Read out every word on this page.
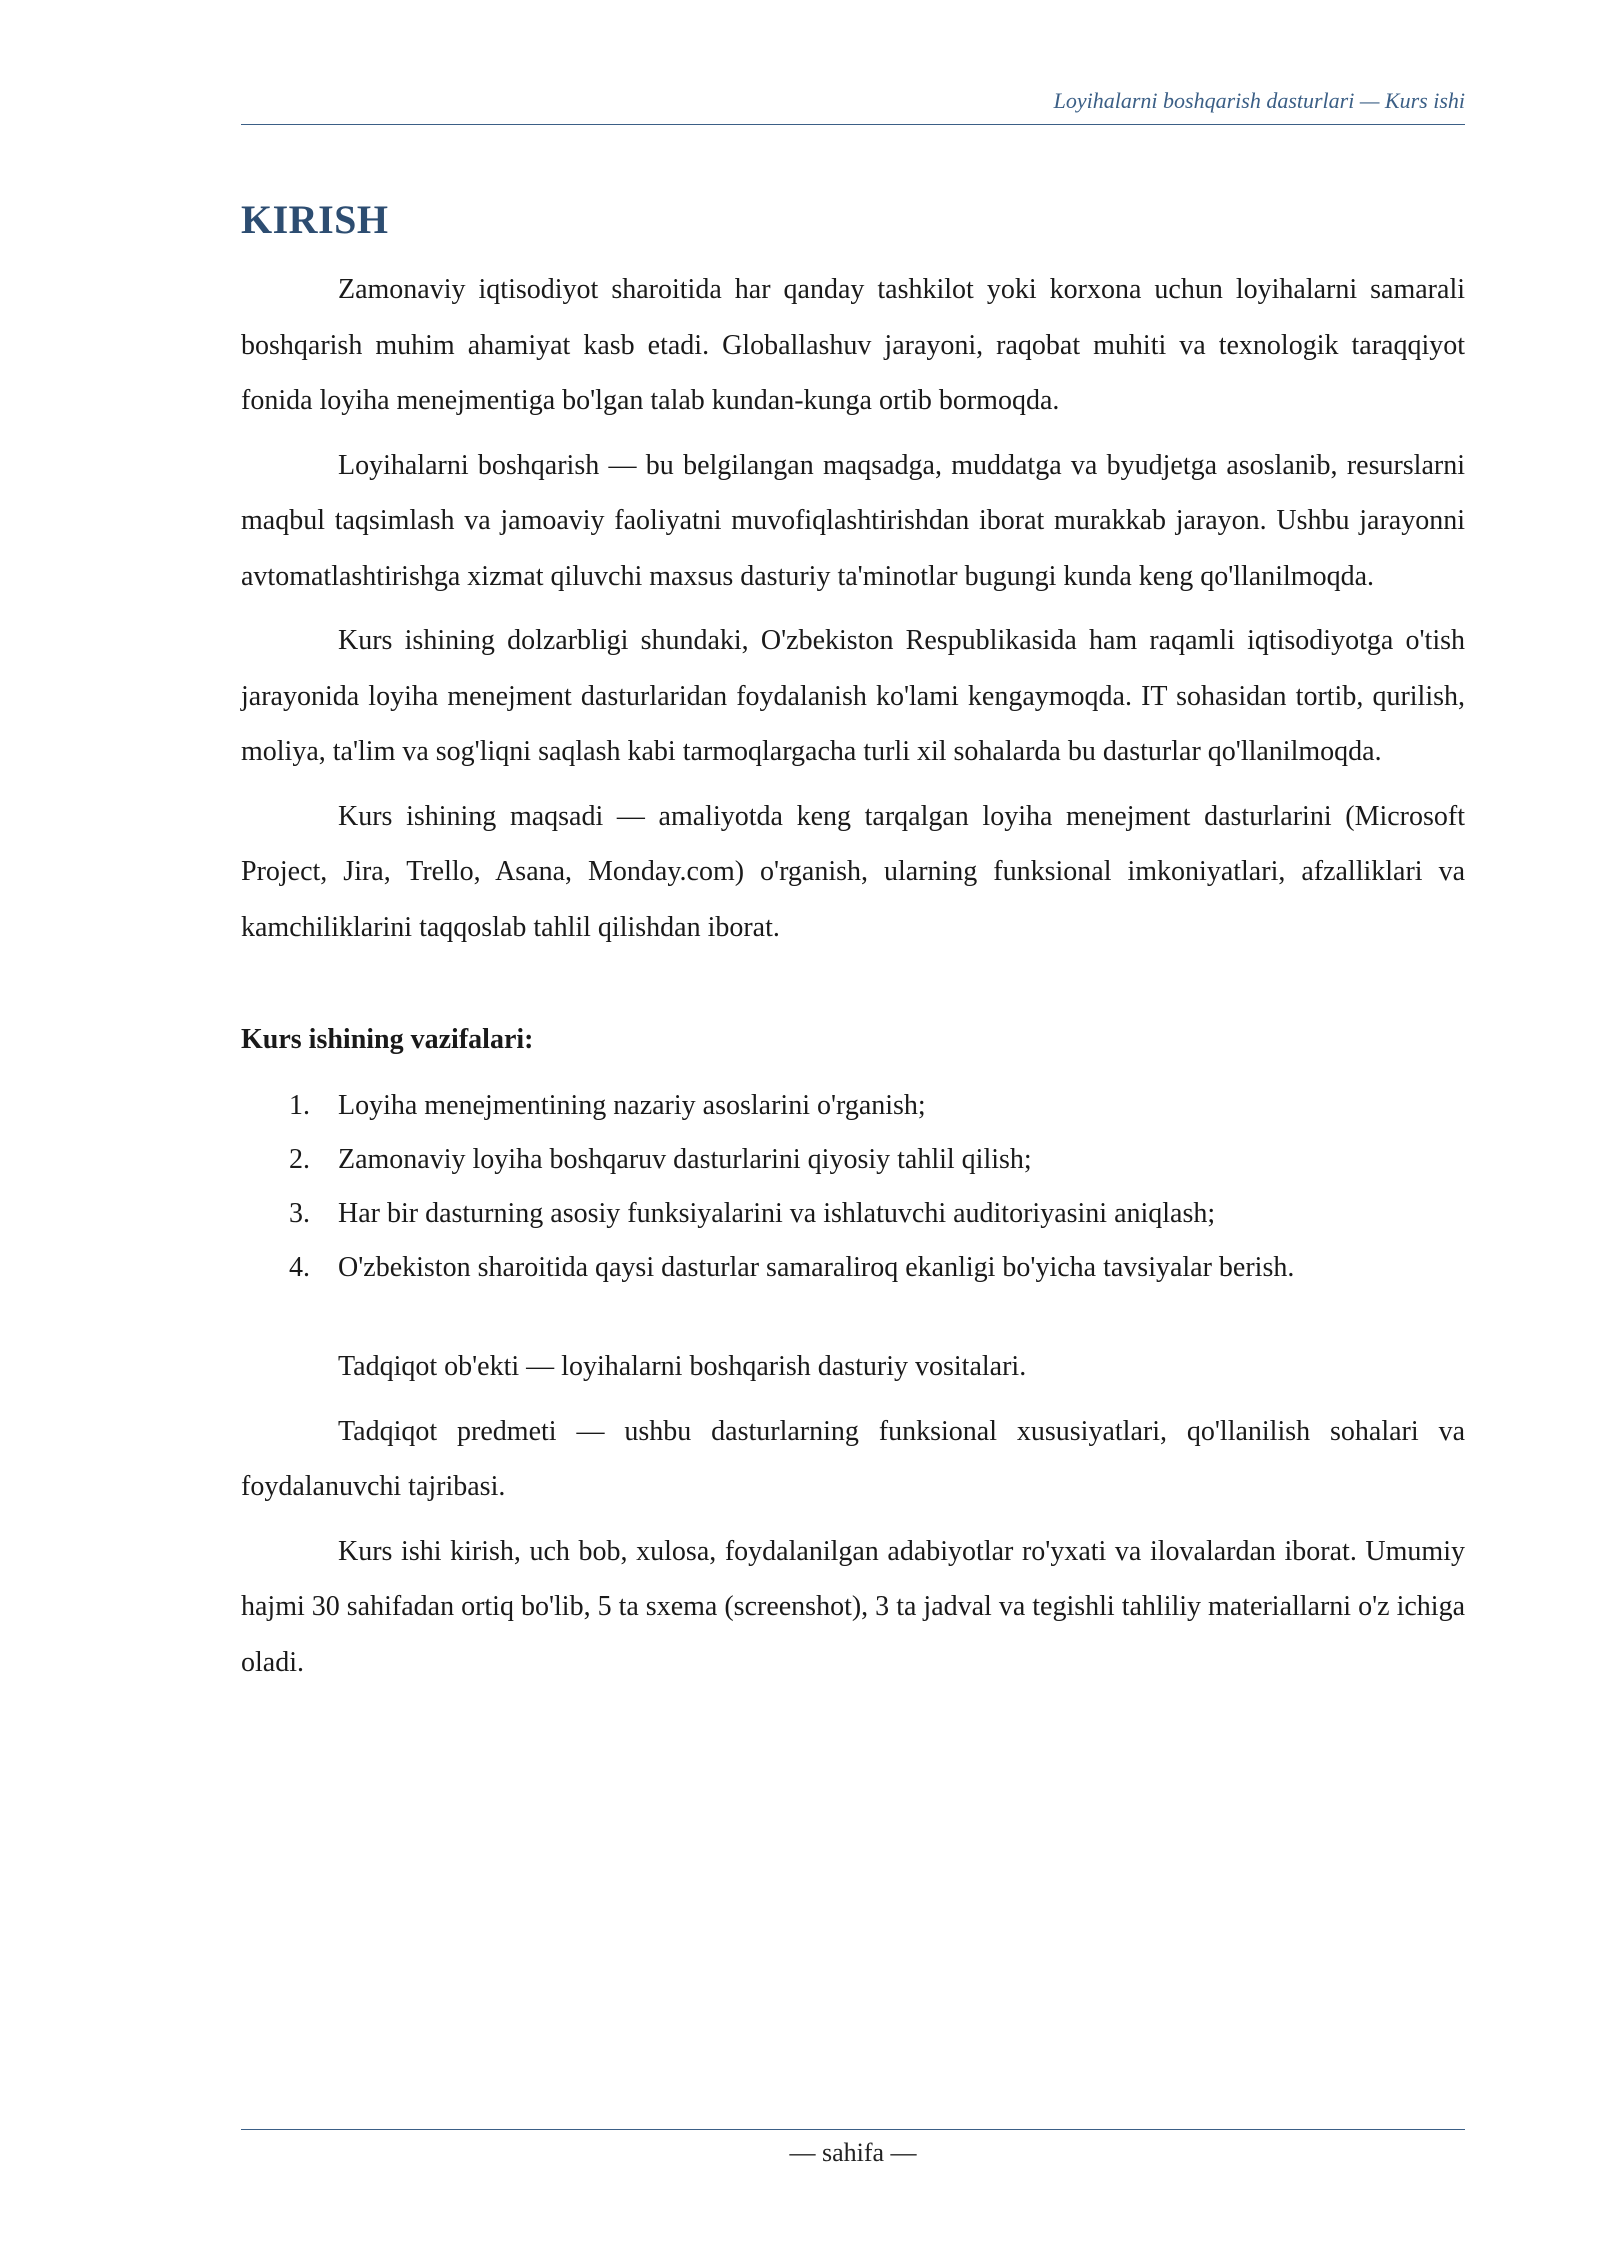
Loyihalarni boshqarish dasturlari — Kurs ishi
KIRISH

Zamonaviy iqtisodiyot sharoitida har qanday tashkilot yoki korxona uchun loyihalarni samarali boshqarish muhim ahamiyat kasb etadi. Globallashuv jarayoni, raqobat muhiti va texnologik taraqqiyot fonida loyiha menejmentiga bo'lgan talab kundan-kunga ortib bormoqda.

Loyihalarni boshqarish — bu belgilangan maqsadga, muddatga va byudjetga asoslanib, resurslarni maqbul taqsimlash va jamoaviy faoliyatni muvofiqlashtirishdan iborat murakkab jarayon. Ushbu jarayonni avtomatlashtirishga xizmat qiluvchi maxsus dasturiy ta'minotlar bugungi kunda keng qo'llanilmoqda.

Kurs ishining dolzarbligi shundaki, O'zbekiston Respublikasida ham raqamli iqtisodiyotga o'tish jarayonida loyiha menejment dasturlaridan foydalanish ko'lami kengaymoqda. IT sohasidan tortib, qurilish, moliya, ta'lim va sog'liqni saqlash kabi tarmoqlargacha turli xil sohalarda bu dasturlar qo'llanilmoqda.

Kurs ishining maqsadi — amaliyotda keng tarqalgan loyiha menejment dasturlarini (Microsoft Project, Jira, Trello, Asana, Monday.com) o'rganish, ularning funksional imkoniyatlari, afzalliklari va kamchiliklarini taqqoslab tahlil qilishdan iborat.

Kurs ishining vazifalari:
1. Loyiha menejmentining nazariy asoslarini o'rganish;
2. Zamonaviy loyiha boshqaruv dasturlarini qiyosiy tahlil qilish;
3. Har bir dasturning asosiy funksiyalarini va ishlatuvchi auditoriyasini aniqlash;
4. O'zbekiston sharoitida qaysi dasturlar samaraliroq ekanligi bo'yicha tavsiyalar berish.

Tadqiqot ob'ekti — loyihalarni boshqarish dasturiy vositalari.

Tadqiqot predmeti — ushbu dasturlarning funksional xususiyatlari, qo'llanilish sohalari va foydalanuvchi tajribasi.

Kurs ishi kirish, uch bob, xulosa, foydalanilgan adabiyotlar ro'yxati va ilovalardan iborat. Umumiy hajmi 30 sahifadan ortiq bo'lib, 5 ta sxema (screenshot), 3 ta jadval va tegishli tahliliy materiallarni o'z ichiga oladi.

— sahifa —
